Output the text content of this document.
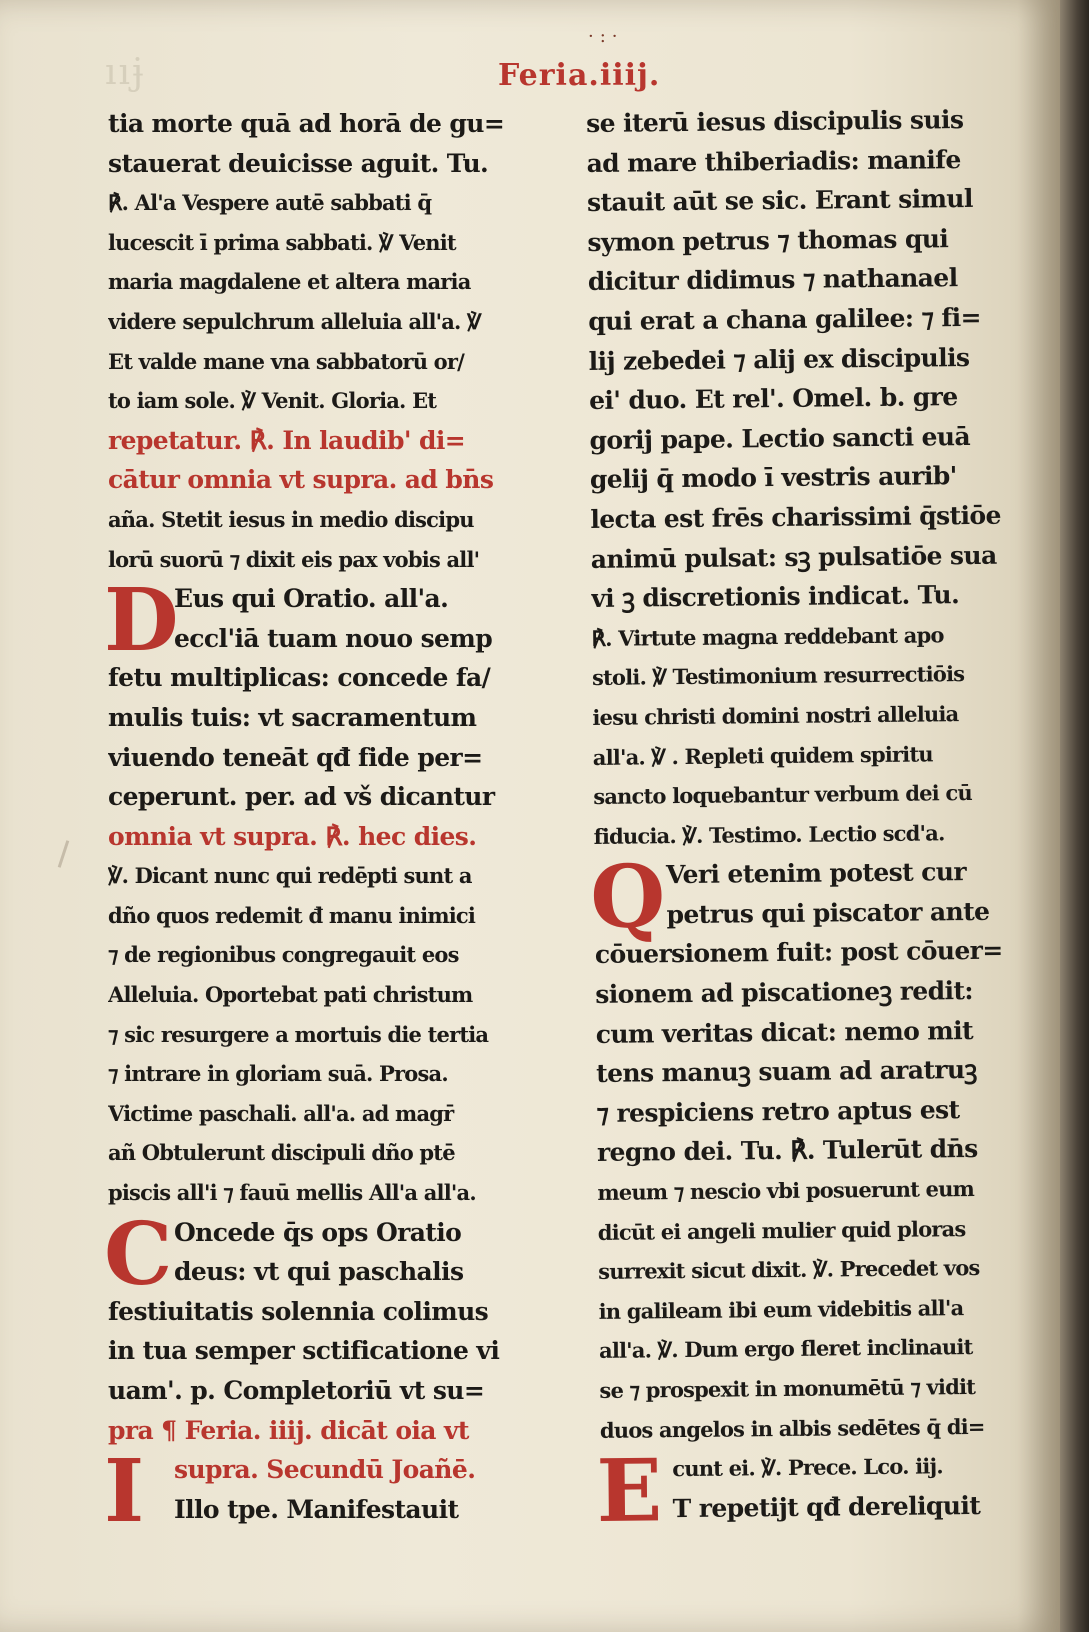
ııɉ
·:·
Feria.iiij.
tia morte quā ad horā de gu=
stauerat deuicisse aguit. Tu.
℟. Al'a Vespere autē sabbati q̄
lucescit ī prima sabbati. ℣ Venit
maria magdalene et altera maria
videre sepulchrum alleluia all'a. ℣
Et valde mane vna sabbatorū or/
to iam sole. ℣ Venit. Gloria. Et
repetatur. ℟. In laudib' di=
cātur omnia vt supra. ad bn̄s
aña. Stetit iesus in medio discipu
lorū suorū ⁊ dixit eis pax vobis all'
D
Eus qui Oratio. all'a.
eccl'iā tuam nouo semp
fetu multiplicas: concede fa/
mulis tuis: vt sacramentum
viuendo teneāt qđ fide per=
ceperunt. per. ad vš dicantur
omnia vt supra. ℟. hec dies.
℣. Dicant nunc qui redēpti sunt a
dño quos redemit đ manu inimici
⁊ de regionibus congregauit eos
Alleluia. Oportebat pati christum
⁊ sic resurgere a mortuis die tertia
⁊ intrare in gloriam suā. Prosa.
Victime paschali. all'a. ad magr̄
añ Obtulerunt discipuli dño ptē
piscis all'i ⁊ fauū mellis All'a all'a.
C Oncede q̄s ops Oratio
deus: vt qui paschalis
festiuitatis solennia colimus
in tua semper sctificatione vi
uam'. p. Completoriū vt su=
pra ¶ Feria. iiij. dicāt oia vt
I	supra. Secundū Joañē.
Illo tpe. Manifestauit
se iterū iesus discipulis suis
ad mare thiberiadis: manife
stauit aūt se sic. Erant simul
symon petrus ⁊ thomas qui
dicitur didimus ⁊ nathanael
qui erat a chana galilee: ⁊ fi=
lij zebedei ⁊ alij ex discipulis
ei' duo. Et rel'. Omel. b. gre
gorij pape. Lectio sancti euā
gelij q̄ modo ī vestris aurib'
lecta est frēs charissimi q̄stiōe
animū pulsat: sꝫ pulsatiōe sua
vi ꝫ discretionis indicat. Tu.
℟. Virtute magna reddebant apo
stoli. ℣ Testimonium resurrectiōis
iesu christi domini nostri alleluia
all'a. ℣ . Repleti quidem spiritu
sancto loquebantur verbum dei cū
fiducia. ℣. Testimo. Lectio scd'a.
Q Veri etenim potest cur
petrus qui piscator ante
cōuersionem fuit: post cōuer=
sionem ad piscationeꝫ redit:
cum veritas dicat: nemo mit
tens manuꝫ suam ad aratruꝫ
⁊ respiciens retro aptus est
regno dei. Tu. ℟. Tulerūt dn̄s
meum ⁊ nescio vbi posuerunt eum
dicūt ei angeli mulier quid ploras
surrexit sicut dixit. ℣. Precedet vos
in galileam ibi eum videbitis all'a
all'a. ℣. Dum ergo fleret inclinauit
se ⁊ prospexit in monumētū ⁊ vidit
duos angelos in albis sedētes q̄ di=
E cunt ei. ℣. Prece. Lco. iij.
T repetijt qđ dereliquit
